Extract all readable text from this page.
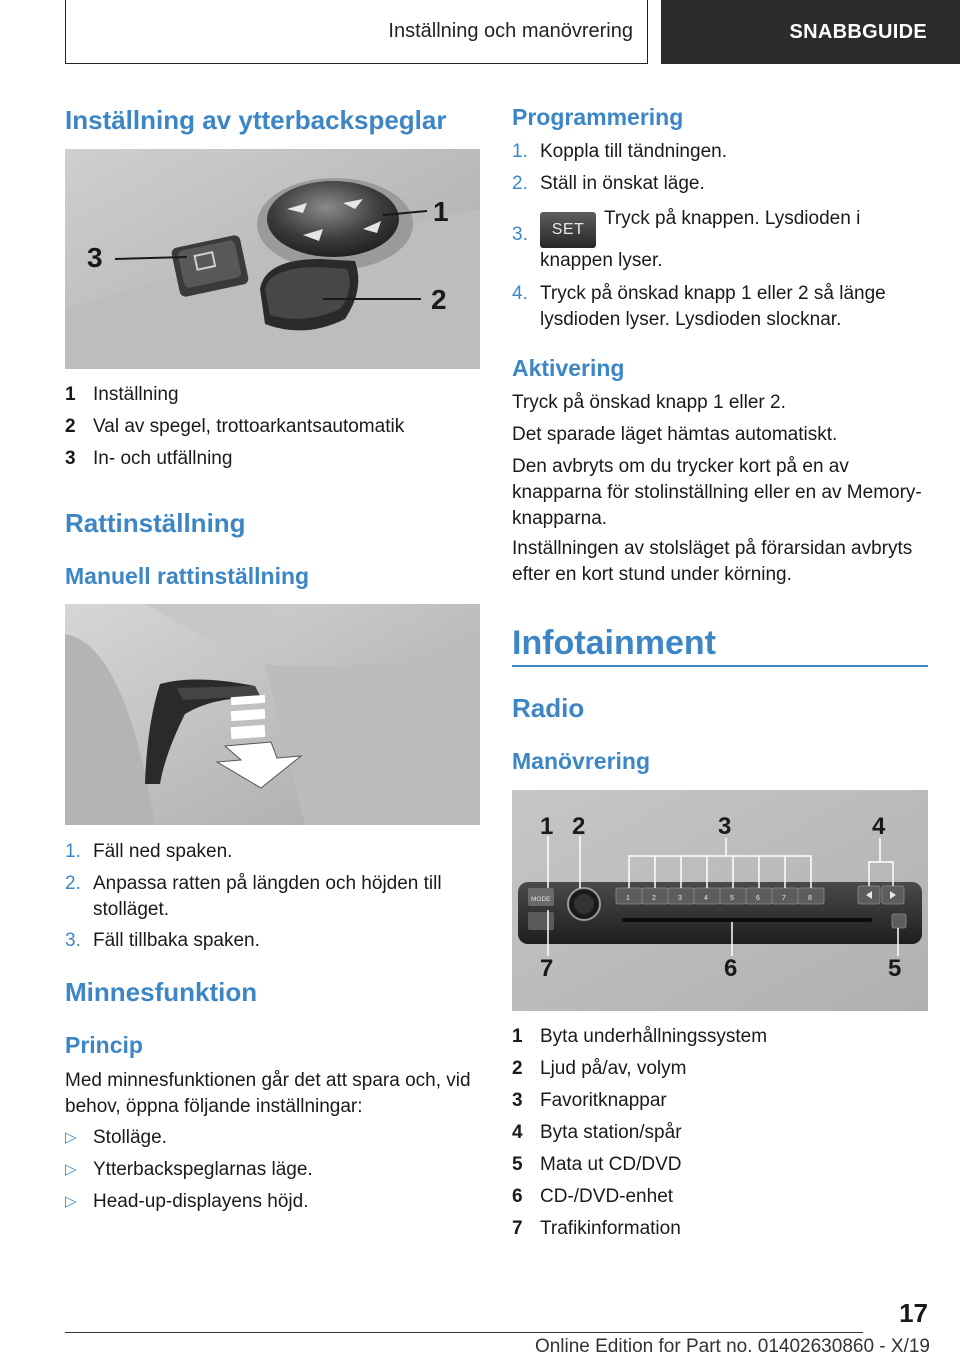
Inställning och manövrering	SNABBGUIDE
Inställning av ytterbackspeglar
1
2
3
1 Inställning
2 Val av spegel, trottoarkantsautomatik
3 In- och utfällning
Rattinställning
Manuell rattinställning
1. Fäll ned spaken.
2. Anpassa ratten på längden och höjden till stolläget.
3. Fäll tillbaka spaken.
Minnesfunktion
Princip

Med minnesfunktionen går det att spara och, vid behov, öppna följande inställningar:

▷ Stolläge.
▷ Ytterbackspeglarnas läge.
▷ Head-up-displayens höjd.
Programmering
1. Koppla till tändningen.
2. Ställ in önskat läge.
3.	SETTryck på knappen. Lysdioden i knappen lyser.
4. Tryck på önskad knapp 1 eller 2 så länge lysdioden lyser. Lysdioden slocknar.
Aktivering

Tryck på önskad knapp 1 eller 2.

Det sparade läget hämtas automatiskt.

Den avbryts om du trycker kort på en av knapparna för stolinställning eller en av Memory-knapparna.

Inställningen av stolsläget på förarsidan avbryts efter en kort stund under körning.

Infotainment
Radio
Manövrering
MODE	1	2	3	4	5	6	7	8
1 2	3	4
5
6
7
1 Byta underhållningssystem
2 Ljud på/av, volym
3 Favoritknappar
4 Byta station/spår
5 Mata ut CD/DVD
6 CD-/DVD-enhet
7 Trafikinformation
17
Online Edition for Part no. 01402630860 - X/19
